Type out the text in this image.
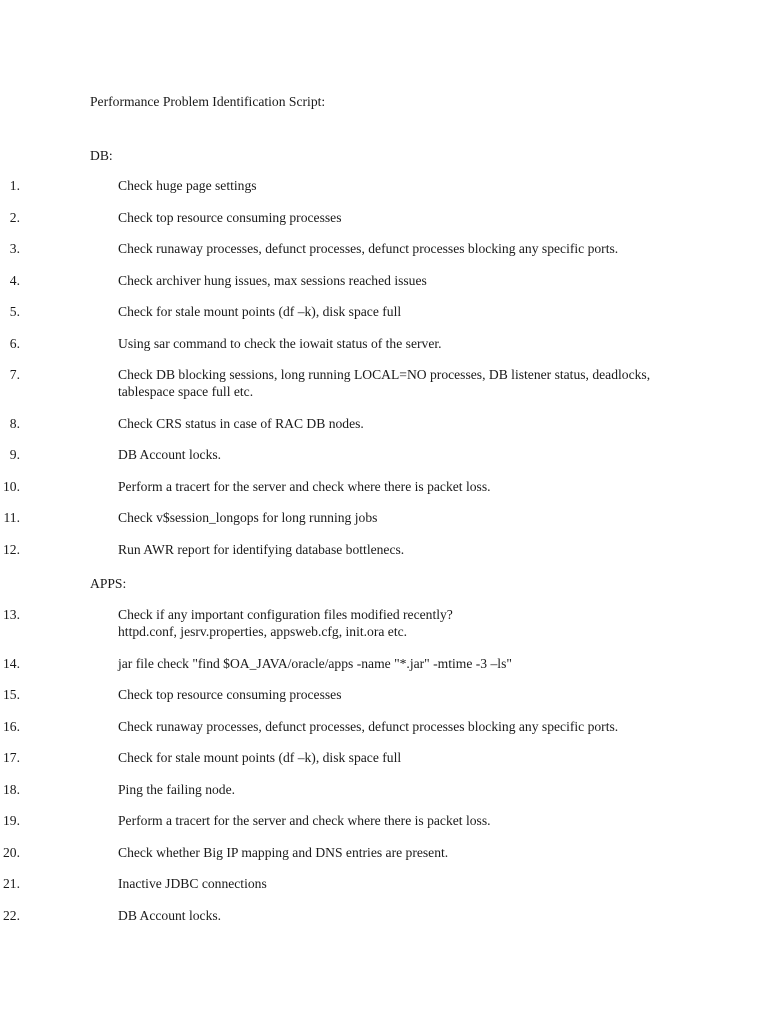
Performance Problem Identification Script:
DB:
1.	Check huge page settings
2.	Check top resource consuming processes
3.	Check runaway processes, defunct processes, defunct processes blocking any specific ports.
4.	Check archiver hung issues, max sessions reached issues
5.	Check for stale mount points (df –k), disk space full
6.	Using sar command to check the iowait status of the server.
7.	Check DB blocking sessions, long running LOCAL=NO processes, DB listener status, deadlocks,
tablespace space full etc.
8.	Check CRS status in case of RAC DB nodes.
9.	DB Account locks.
10.	Perform a tracert for the server and check where there is packet loss.
11.	Check v$session_longops for long running jobs
12.	Run AWR report for identifying database bottlenecs.
APPS:
13.	Check if any important configuration files modified recently?
httpd.conf, jesrv.properties, appsweb.cfg, init.ora etc.
14.	jar file check "find $OA_JAVA/oracle/apps -name "*.jar" -mtime -3 –ls"
15.	Check top resource consuming processes
16.	Check runaway processes, defunct processes, defunct processes blocking any specific ports.
17.	Check for stale mount points (df –k), disk space full
18.	Ping the failing node.
19.	Perform a tracert for the server and check where there is packet loss.
20.	Check whether Big IP mapping and DNS entries are present.
21.	Inactive JDBC connections
22.	DB Account locks.
